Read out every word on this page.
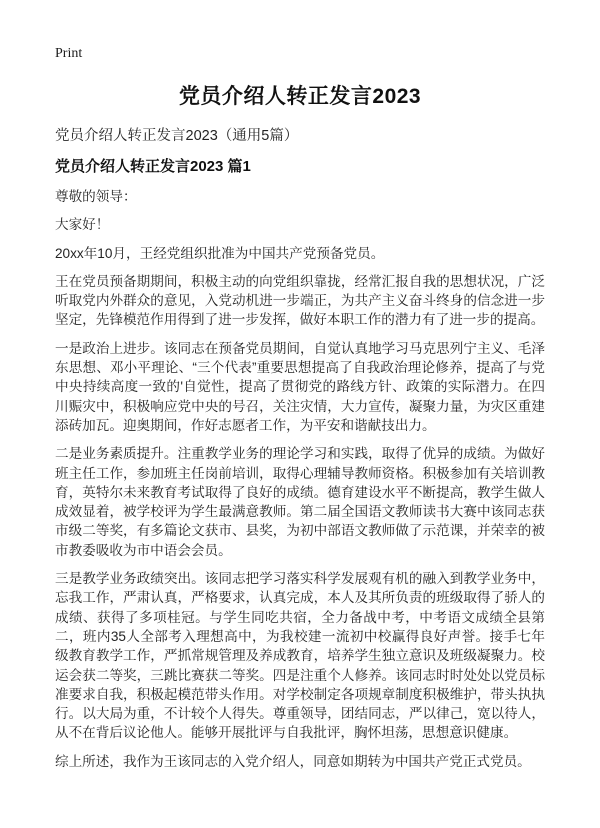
Print
党员介绍人转正发言2023

党员介绍人转正发言2023（通用5篇）

党员介绍人转正发言2023 篇1

尊敬的领导：

大家好！

20xx年10月，王经党组织批准为中国共产党预备党员。

王在党员预备期期间，积极主动的向党组织靠拢，经常汇报自我的思想状况，广泛听取党内外群众的意见，入党动机进一步端正，为共产主义奋斗终身的信念进一步坚定，先锋模范作用得到了进一步发挥，做好本职工作的潜力有了进一步的提高。

一是政治上进步。该同志在预备党员期间，自觉认真地学习马克思列宁主义、毛泽东思想、邓小平理论、“三个代表”重要思想提高了自我政治理论修养，提高了与党中央持续高度一致的'自觉性，提高了贯彻党的路线方针、政策的实际潜力。在四川赈灾中，积极响应党中央的号召，关注灾情，大力宣传，凝聚力量，为灾区重建添砖加瓦。迎奥期间，作好志愿者工作，为平安和谐献技出力。

二是业务素质提升。注重教学业务的理论学习和实践，取得了优异的成绩。为做好班主任工作，参加班主任岗前培训，取得心理辅导教师资格。积极参加有关培训教育，英特尔未来教育考试取得了良好的成绩。德育建设水平不断提高，教学生做人成效显着，被学校评为学生最满意教师。第二届全国语文教师读书大赛中该同志获市级二等奖，有多篇论文获市、县奖，为初中部语文教师做了示范课，并荣幸的被市教委吸收为市中语会会员。

三是教学业务政绩突出。该同志把学习落实科学发展观有机的融入到教学业务中，忘我工作，严肃认真，严格要求，认真完成，本人及其所负责的班级取得了骄人的成绩、获得了多项桂冠。与学生同吃共宿，全力备战中考，中考语文成绩全县第二，班内35人全部考入理想高中，为我校建一流初中校赢得良好声誉。接手七年级教育教学工作，严抓常规管理及养成教育，培养学生独立意识及班级凝聚力。校运会获二等奖，三跳比赛获二等奖。四是注重个人修养。该同志时时处处以党员标准要求自我，积极起模范带头作用。对学校制定各项规章制度积极维护，带头执执行。以大局为重，不计较个人得失。尊重领导，团结同志，严以律己，宽以待人，从不在背后议论他人。能够开展批评与自我批评，胸怀坦荡，思想意识健康。

综上所述，我作为王该同志的入党介绍人，同意如期转为中国共产党正式党员。
